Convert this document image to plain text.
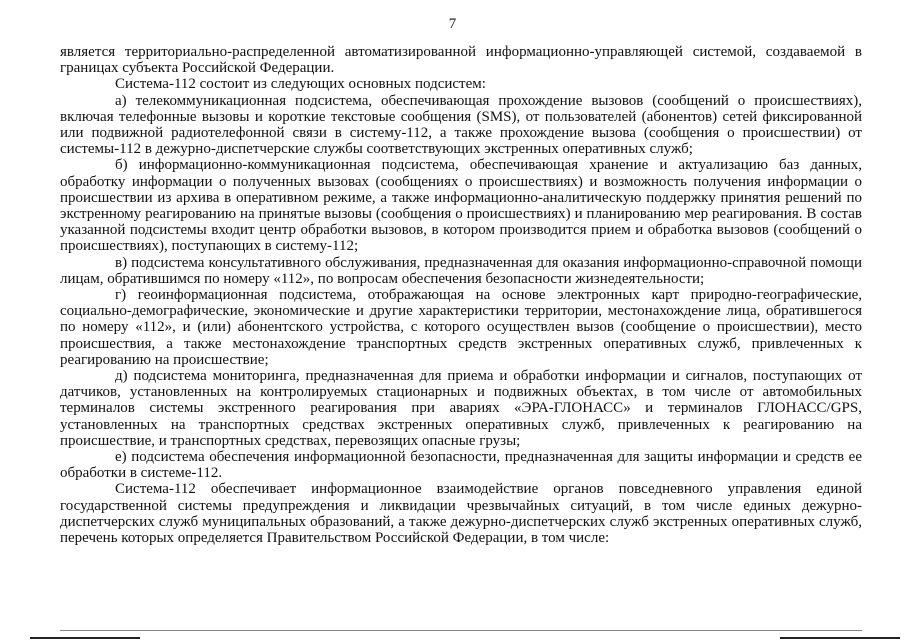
7

является территориально-распределенной автоматизированной информационно-управляющей системой, создаваемой в границах субъекта Российской Федерации.

Система-112 состоит из следующих основных подсистем:

а) телекоммуникационная подсистема, обеспечивающая прохождение вызовов (сообщений о происшествиях), включая телефонные вызовы и короткие текстовые сообщения (SMS), от пользователей (абонентов) сетей фиксированной или подвижной радиотелефонной связи в систему-112, а также прохождение вызова (сообщения о происшествии) от системы-112 в дежурно-диспетчерские службы соответствующих экстренных оперативных служб;

б) информационно-коммуникационная подсистема, обеспечивающая хранение и актуализацию баз данных, обработку информации о полученных вызовах (сообщениях о происшествиях) и возможность получения информации о происшествии из архива в оперативном режиме, а также информационно-аналитическую поддержку принятия решений по экстренному реагированию на принятые вызовы (сообщения о происшествиях) и планированию мер реагирования. В состав указанной подсистемы входит центр обработки вызовов, в котором производится прием и обработка вызовов (сообщений о происшествиях), поступающих в систему-112;

в) подсистема консультативного обслуживания, предназначенная для оказания информационно-справочной помощи лицам, обратившимся по номеру «112», по вопросам обеспечения безопасности жизнедеятельности;

г) геоинформационная подсистема, отображающая на основе электронных карт природно-географические, социально-демографические, экономические и другие характеристики территории, местонахождение лица, обратившегося по номеру «112», и (или) абонентского устройства, с которого осуществлен вызов (сообщение о происшествии), место происшествия, а также местонахождение транспортных средств экстренных оперативных служб, привлеченных к реагированию на происшествие;

д) подсистема мониторинга, предназначенная для приема и обработки информации и сигналов, поступающих от датчиков, установленных на контролируемых стационарных и подвижных объектах, в том числе от автомобильных терминалов системы экстренного реагирования при авариях «ЭРА-ГЛОНАСС» и терминалов ГЛОНАСС/GPS, установленных на транспортных средствах экстренных оперативных служб, привлеченных к реагированию на происшествие, и транспортных средствах, перевозящих опасные грузы;

е) подсистема обеспечения информационной безопасности, предназначенная для защиты информации и средств ее обработки в системе-112.

Система-112 обеспечивает информационное взаимодействие органов повседневного управления единой государственной системы предупреждения и ликвидации чрезвычайных ситуаций, в том числе единых дежурно-диспетчерских служб муниципальных образований, а также дежурно-диспетчерских служб экстренных оперативных служб, перечень которых определяется Правительством Российской Федерации, в том числе:
